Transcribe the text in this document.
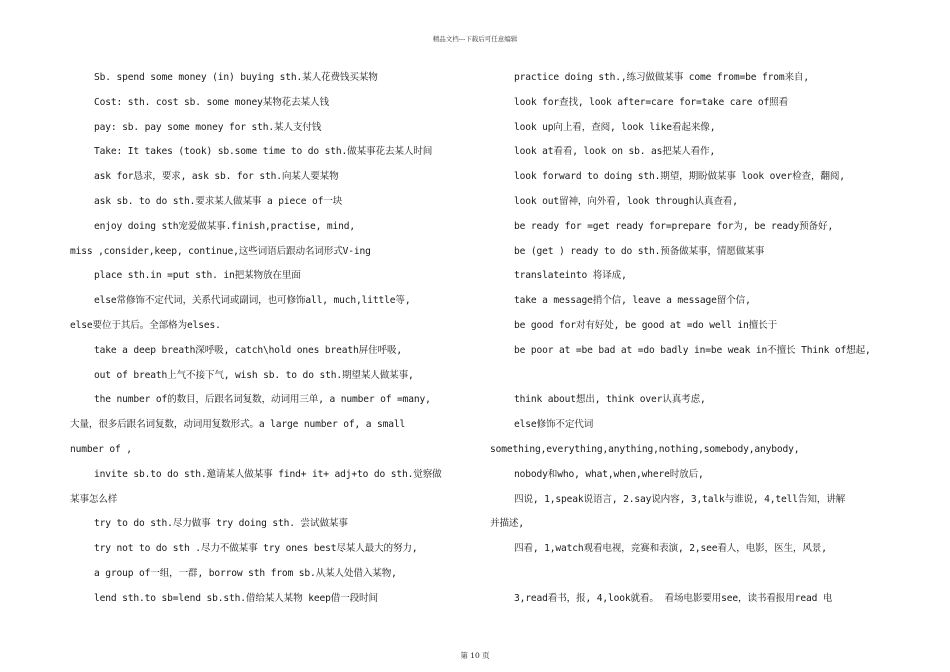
精品文档---下载后可任意编辑

Sb. spend some money (in) buying sth.某人花费钱买某物

Cost: sth. cost sb. some money某物花去某人钱

pay: sb. pay some money for sth.某人支付钱

Take: It takes (took) sb.some time to do sth.做某事花去某人时间

ask for恳求，要求, ask sb. for sth.向某人要某物

ask sb. to do sth.要求某人做某事 a piece of一块

enjoy doing sth宠爱做某事.finish,practise, mind,

miss ,consider,keep, continue,这些词语后跟动名词形式V-ing

place sth.in =put sth. in把某物放在里面

else常修饰不定代词，关系代词或副词，也可修饰all, much,little等,

else要位于其后。全部格为elses.

take a deep breath深呼吸, catch\hold ones breath屏住呼吸,

out of breath上气不接下气, wish sb. to do sth.期望某人做某事,

the number of的数目，后跟名词复数，动词用三单, a number of =many,

大量，很多后跟名词复数，动词用复数形式。a large number of, a small

number of ,

invite sb.to do sth.邀请某人做某事 find+ it+ adj+to do sth.觉察做

某事怎么样

try to do sth.尽力做事 try doing sth. 尝试做某事

try not to do sth .尽力不做某事 try ones best尽某人最大的努力,

a group of一组，一群, borrow sth from sb.从某人处借入某物,

lend sth.to sb=lend sb.sth.借给某人某物 keep借一段时间

practice doing sth.,练习做做某事 come from=be from来自,

look for查找, look after=care for=take care of照看

look up向上看，查阅, look like看起来像,

look at看看, look on sb. as把某人看作,

look forward to doing sth.期望，期盼做某事 look over检查，翻阅,

look out留神，向外看, look through认真查看,

be ready for =get ready for=prepare for为, be ready预备好,

be (get ) ready to do sth.预备做某事，情愿做某事

translateinto 将译成,

take a message捎个信, leave a message留个信,

be good for对有好处, be good at =do well in擅长于

be poor at =be bad at =do badly in=be weak in不擅长 Think of想起,

think about想出, think over认真考虑,

else修饰不定代词

something,everything,anything,nothing,somebody,anybody,

nobody和who, what,when,where时放后,

四说, 1,speak说语言, 2.say说内容, 3,talk与谁说, 4,tell告知，讲解

并描述,

四看, 1,watch观看电视，竞赛和表演, 2,see看人，电影，医生，风景,

3,read看书，报, 4,look就看。 看场电影要用see，读书看报用read 电

第 10 页
